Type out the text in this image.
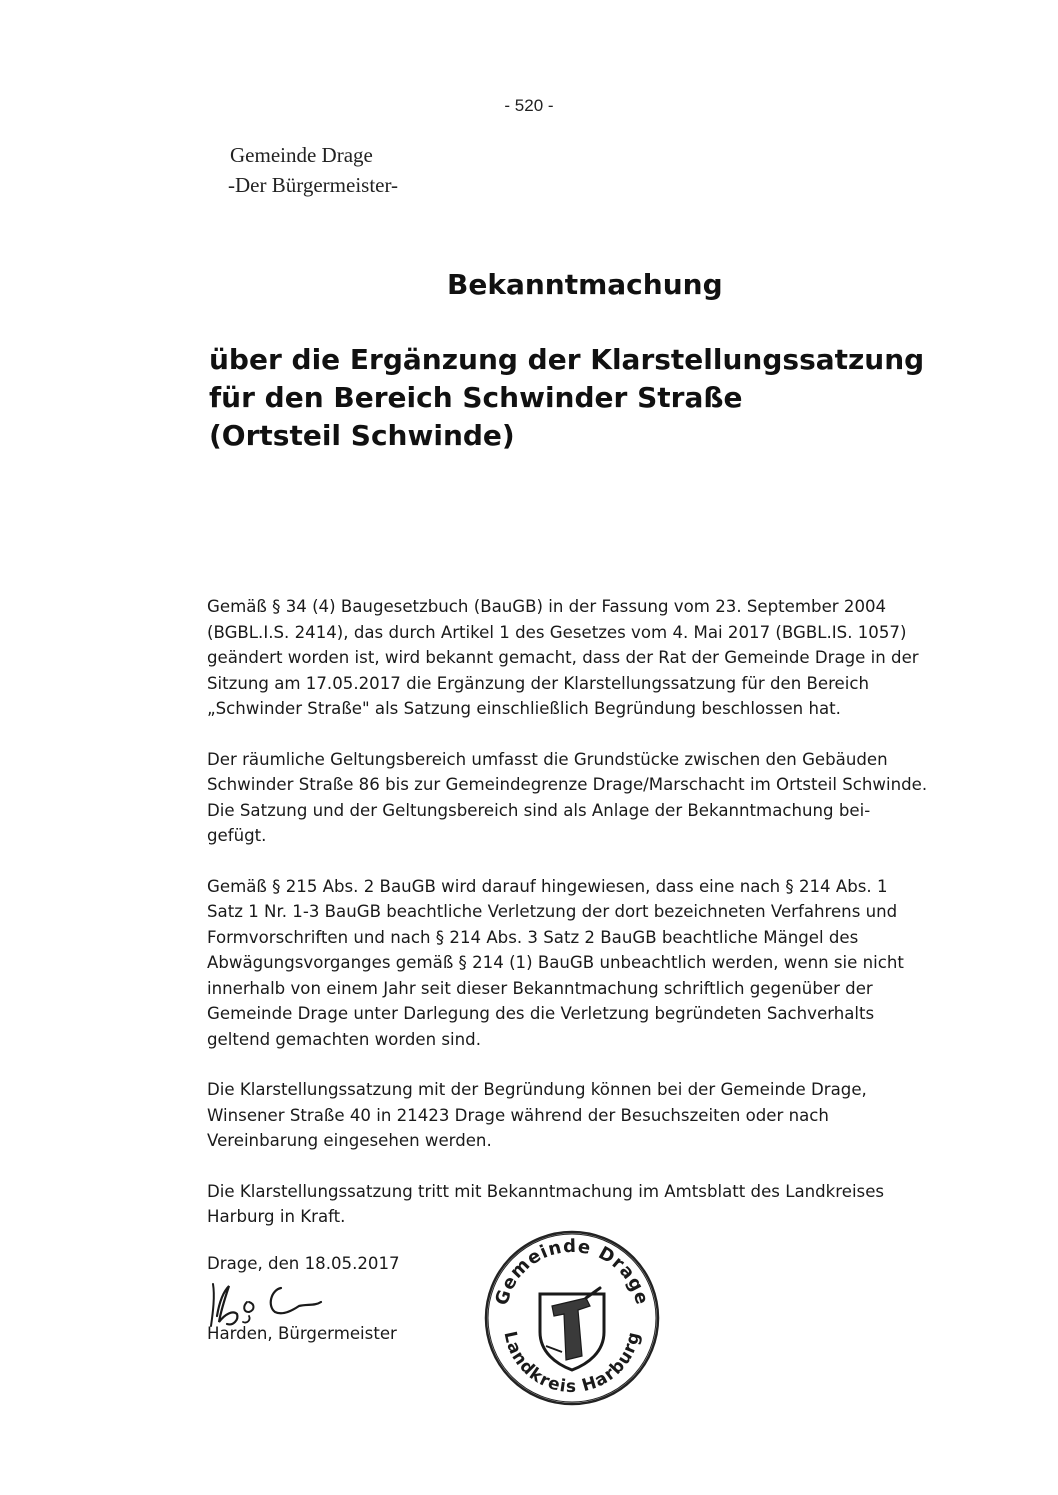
- 520 -
Gemeinde Drage
-Der Bürgermeister-
Bekanntmachung
über die Ergänzung der Klarstellungssatzung
für den Bereich Schwinder Straße
(Ortsteil Schwinde)
Gemäß § 34 (4) Baugesetzbuch (BauGB) in der Fassung vom 23. September 2004
(BGBL.I.S. 2414), das durch Artikel 1 des Gesetzes vom 4. Mai 2017 (BGBL.IS. 1057)
geändert worden ist, wird bekannt gemacht, dass der Rat der Gemeinde Drage in der
Sitzung am 17.05.2017 die Ergänzung der Klarstellungssatzung für den Bereich
„Schwinder Straße" als Satzung einschließlich Begründung beschlossen hat.
Der räumliche Geltungsbereich umfasst die Grundstücke zwischen den Gebäuden
Schwinder Straße 86 bis zur Gemeindegrenze Drage/Marschacht im Ortsteil Schwinde.
Die Satzung und der Geltungsbereich sind als Anlage der Bekanntmachung bei-
gefügt.
Gemäß § 215 Abs. 2 BauGB wird darauf hingewiesen, dass eine nach § 214 Abs. 1
Satz 1 Nr. 1-3 BauGB beachtliche Verletzung der dort bezeichneten Verfahrens und
Formvorschriften und nach § 214 Abs. 3 Satz 2 BauGB beachtliche Mängel des
Abwägungsvorganges gemäß § 214 (1) BauGB unbeachtlich werden, wenn sie nicht
innerhalb von einem Jahr seit dieser Bekanntmachung schriftlich gegenüber der
Gemeinde Drage unter Darlegung des die Verletzung begründeten Sachverhalts
geltend gemachten worden sind.
Die Klarstellungssatzung mit der Begründung können bei der Gemeinde Drage,
Winsener Straße 40 in 21423 Drage während der Besuchszeiten oder nach
Vereinbarung eingesehen werden.
Die Klarstellungssatzung tritt mit Bekanntmachung im Amtsblatt des Landkreises
Harburg in Kraft.
Drage, den 18.05.2017
Harden, Bürgermeister
Gemeinde Drage
Landkreis Harburg
